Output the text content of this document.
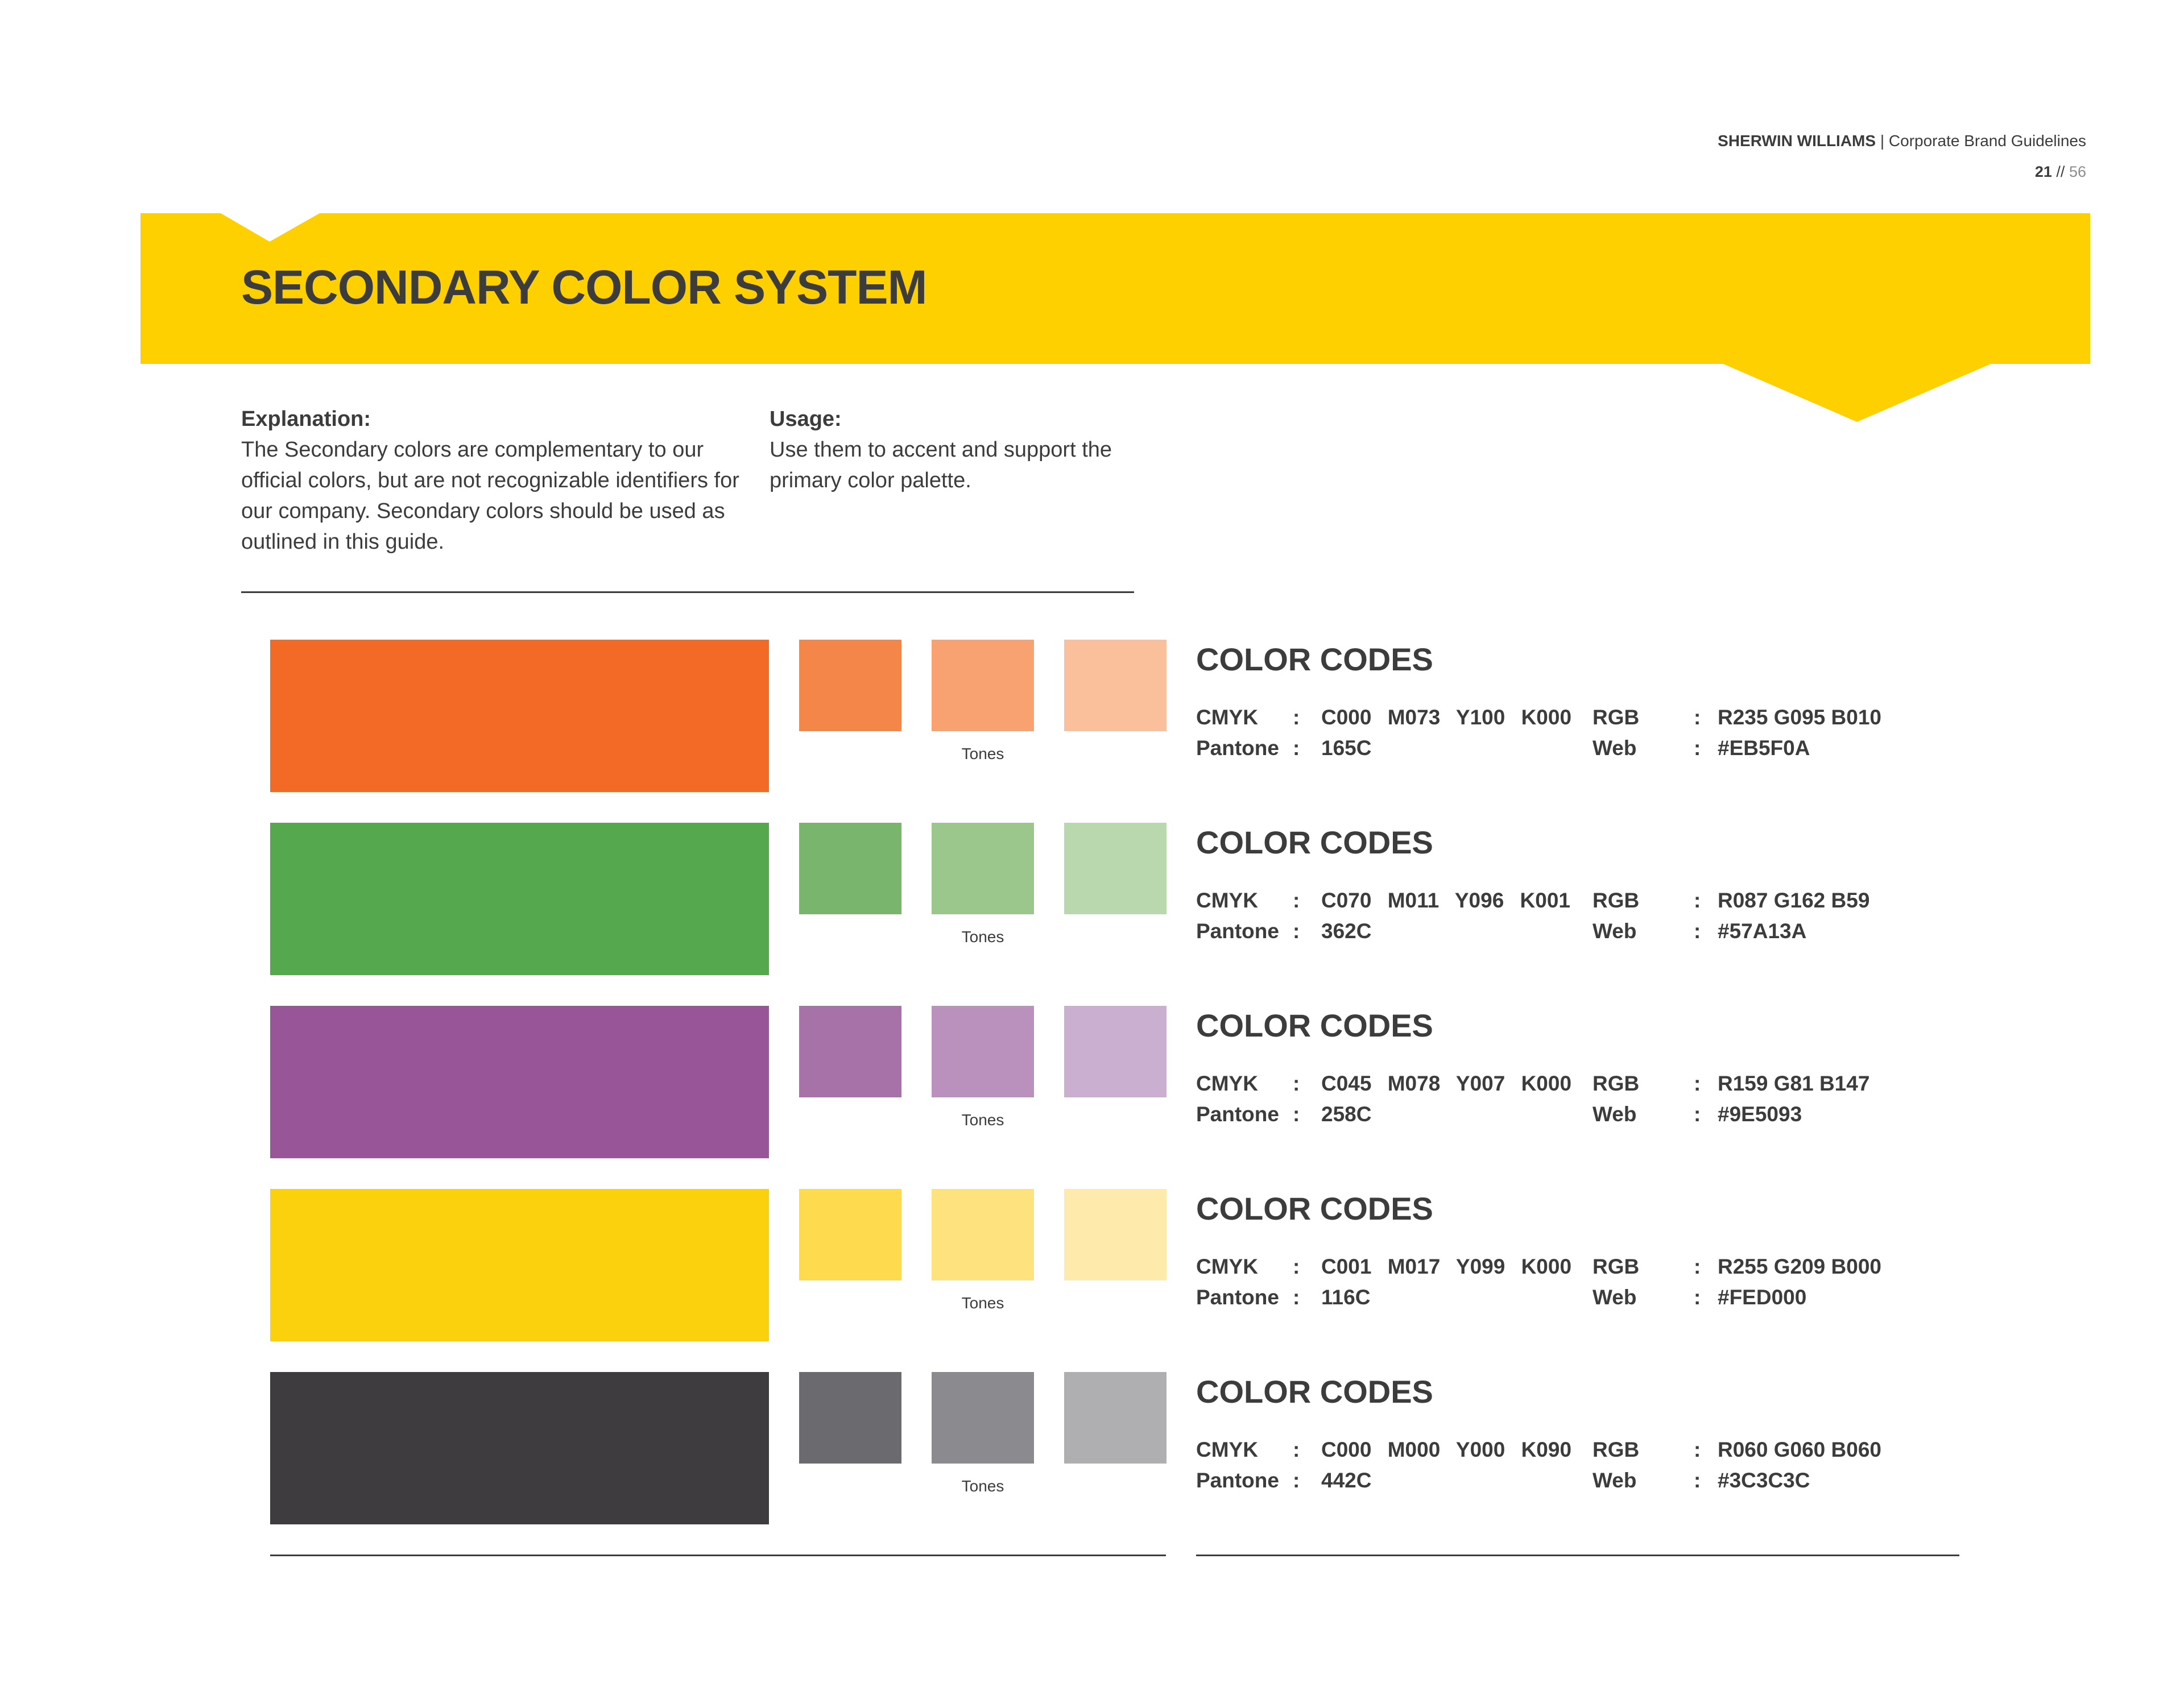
SHERWIN WILLIAMS | Corporate Brand Guidelines
21 // 56
SECONDARY COLOR SYSTEM
Explanation:
The Secondary colors are complementary to our official colors, but are not recognizable identifiers for our company. Secondary colors should be used as outlined in this guide.
Usage:
Use them to accent and support the primary color palette.
Tones
COLOR CODES
CMYK : C000 M073 Y100 K000 RGB	: R235 G095 B010
Pantone : 165C	Web	: #EB5F0A
Tones
COLOR CODES
CMYK : C070 M011 Y096 K001 RGB	: R087 G162 B59
Pantone : 362C	Web	: #57A13A
Tones
COLOR CODES
CMYK : C045 M078 Y007 K000 RGB	: R159 G81 B147
Pantone : 258C	Web	: #9E5093
Tones
COLOR CODES
CMYK : C001 M017 Y099 K000 RGB	: R255 G209 B000
Pantone : 116C	Web	: #FED000
Tones
COLOR CODES
CMYK : C000 M000 Y000 K090 RGB	: R060 G060 B060
Pantone : 442C	Web	: #3C3C3C
